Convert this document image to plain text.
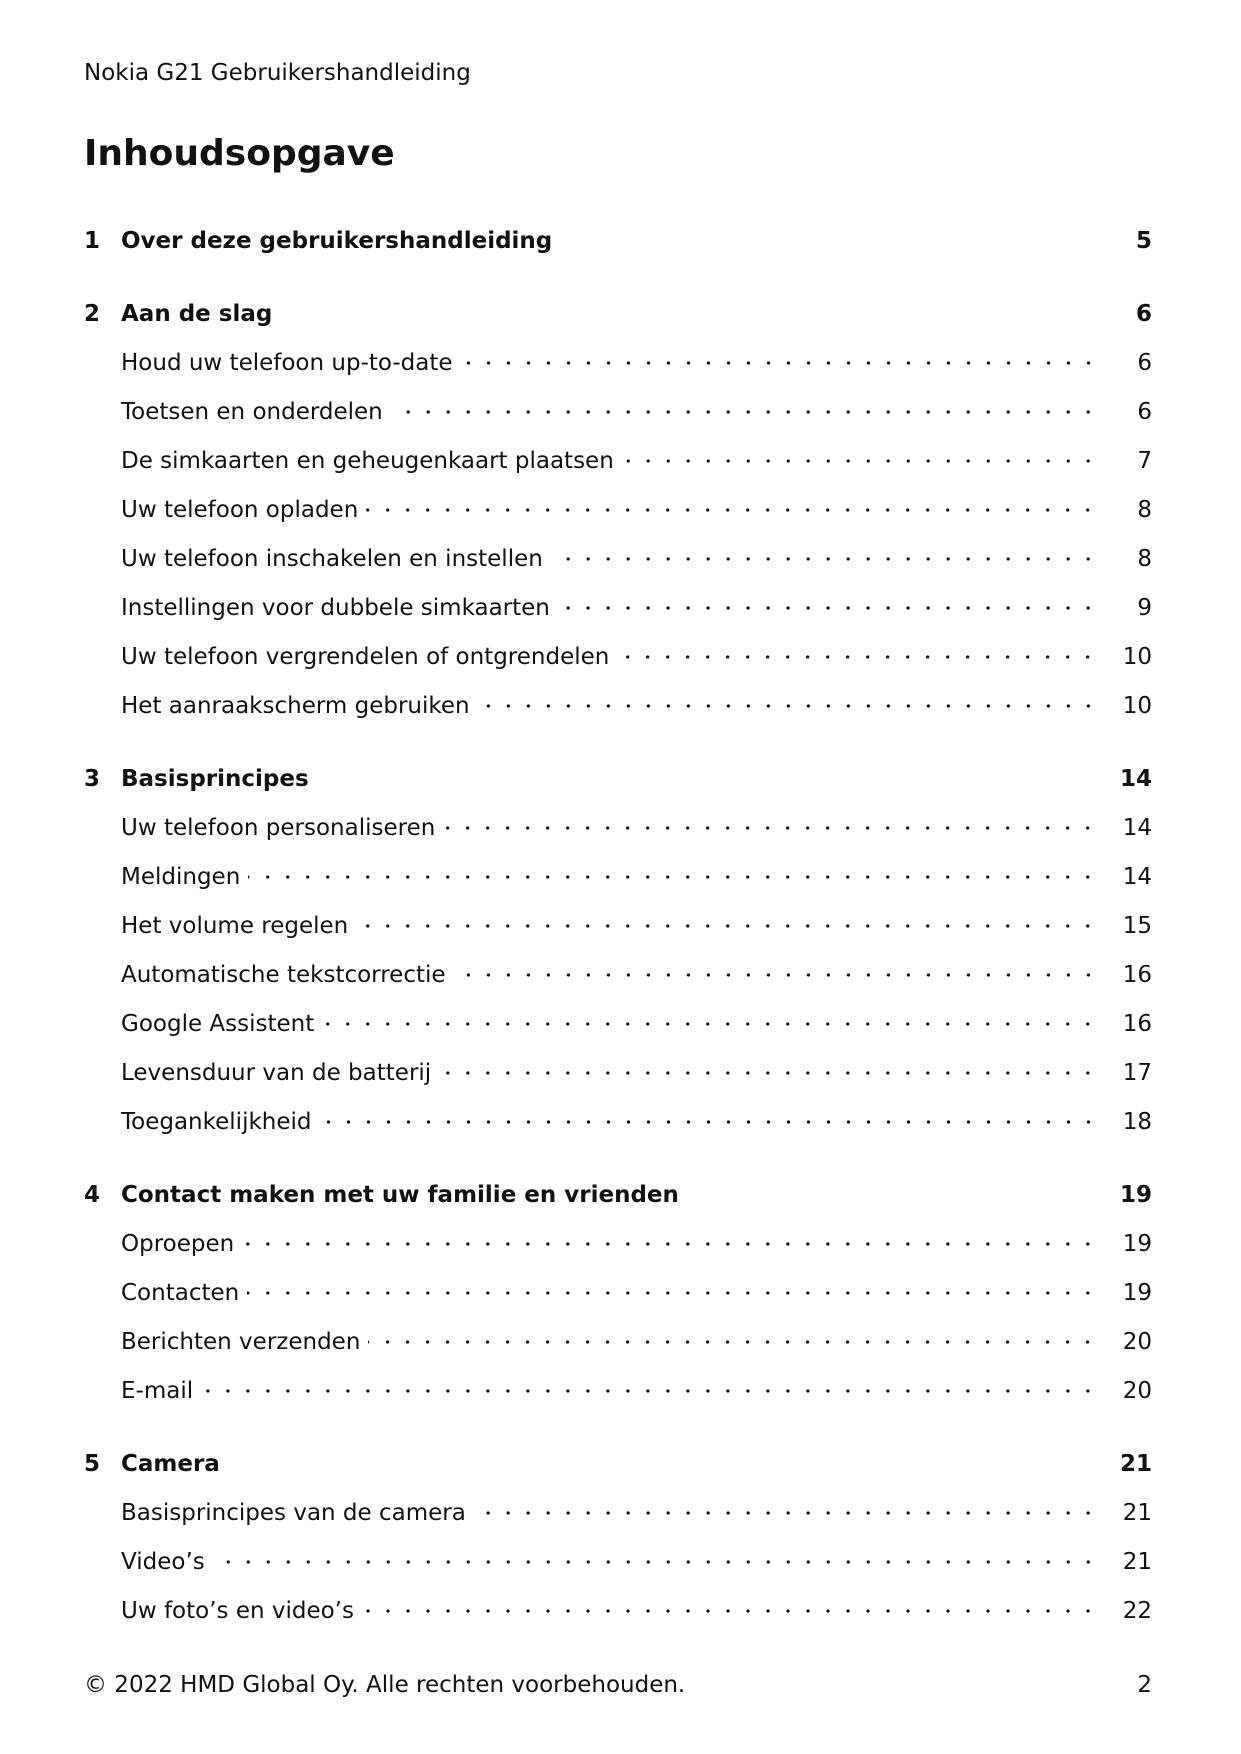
Nokia G21 Gebruikershandleiding
Inhoudsopgave
1 Over deze gebruikershandleiding	5
2 Aan de slag	6
Houd uw telefoon up-to-date	6
Toetsen en onderdelen	6
De simkaarten en geheugenkaart plaatsen	7
Uw telefoon opladen	8
Uw telefoon inschakelen en instellen	8
Instellingen voor dubbele simkaarten	9
Uw telefoon vergrendelen of ontgrendelen	10
Het aanraakscherm gebruiken	10
3 Basisprincipes	14
Uw telefoon personaliseren	14
Meldingen	14
Het volume regelen	15
Automatische tekstcorrectie	16
Google Assistent	16
Levensduur van de batterij	17
Toegankelijkheid	18
4 Contact maken met uw familie en vrienden	19
Oproepen	19
Contacten	19
Berichten verzenden	20
E-mail	20
5 Camera	21
Basisprincipes van de camera	21
Video’s	21
Uw foto’s en video’s	22
© 2022 HMD Global Oy. Alle rechten voorbehouden.	2
